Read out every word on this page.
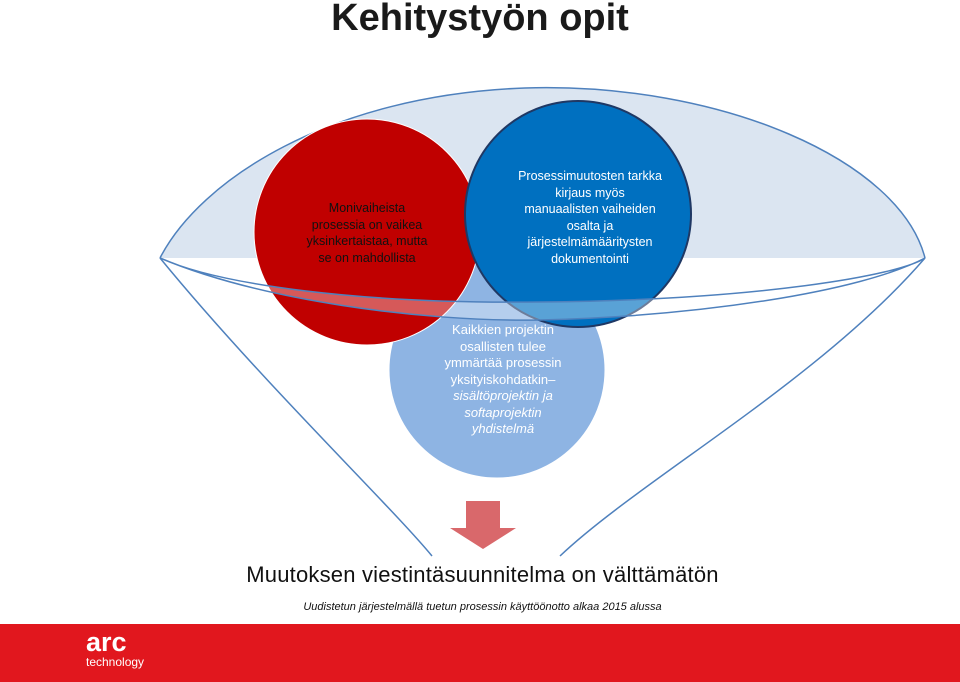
Kehitystyön opit
Monivaiheista
prosessia on vaikea
yksinkertaistaa, mutta
se on mahdollista
Prosessimuutosten tarkka
kirjaus myös
manuaalisten vaiheiden
osalta ja
järjestelmämääritysten
dokumentointi
Kaikkien projektin
osallisten tulee
ymmärtää prosessin
yksityiskohdatkin–
sisältöprojektin ja
softaprojektin
yhdistelmä
Muutoksen viestintäsuunnitelma on välttämätön
Uudistetun järjestelmällä tuetun prosessin käyttöönotto alkaa 2015 alussa
arc
technology
